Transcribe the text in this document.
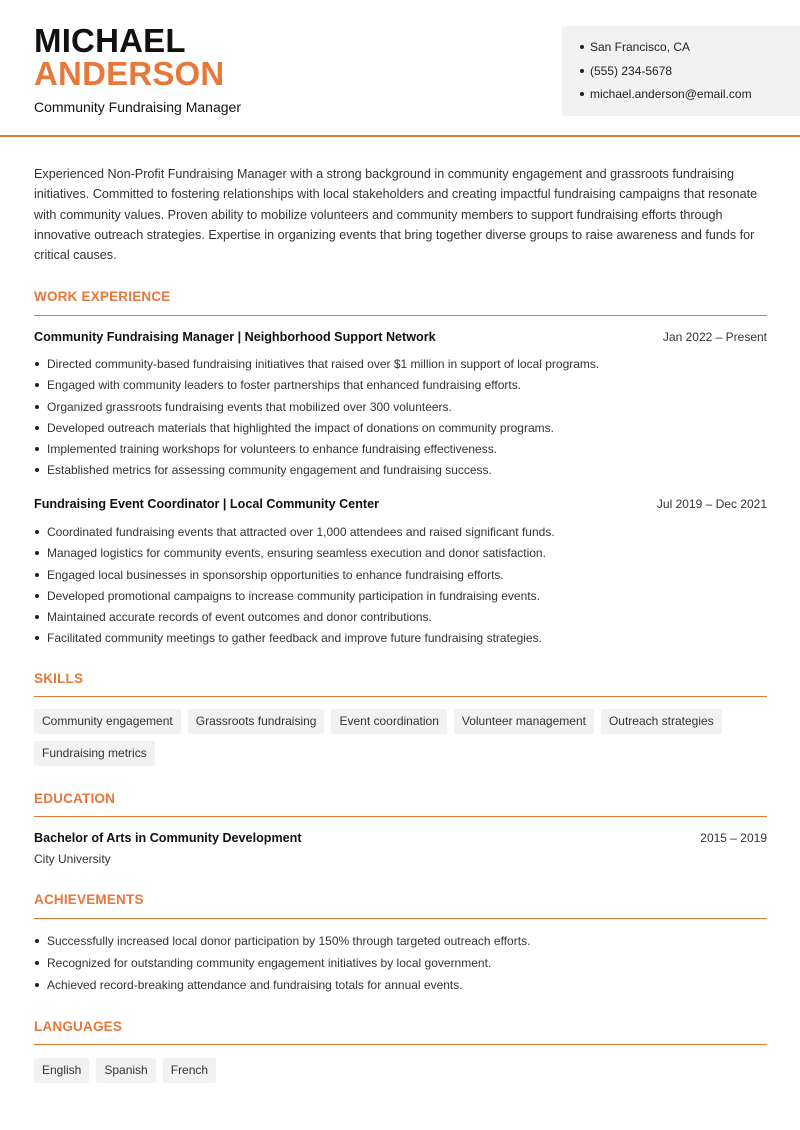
MICHAEL
ANDERSON
Community Fundraising Manager
San Francisco, CA
(555) 234-5678
michael.anderson@email.com

Experienced Non-Profit Fundraising Manager with a strong background in community engagement and grassroots fundraising initiatives. Committed to fostering relationships with local stakeholders and creating impactful fundraising campaigns that resonate with community values. Proven ability to mobilize volunteers and community members to support fundraising efforts through innovative outreach strategies. Expertise in organizing events that bring together diverse groups to raise awareness and funds for critical causes.

WORK EXPERIENCE
Community Fundraising Manager | Neighborhood Support Network	Jan 2022 – Present
Directed community-based fundraising initiatives that raised over $1 million in support of local programs.
Engaged with community leaders to foster partnerships that enhanced fundraising efforts.
Organized grassroots fundraising events that mobilized over 300 volunteers.
Developed outreach materials that highlighted the impact of donations on community programs.
Implemented training workshops for volunteers to enhance fundraising effectiveness.
Established metrics for assessing community engagement and fundraising success.
Fundraising Event Coordinator | Local Community Center	Jul 2019 – Dec 2021
Coordinated fundraising events that attracted over 1,000 attendees and raised significant funds.
Managed logistics for community events, ensuring seamless execution and donor satisfaction.
Engaged local businesses in sponsorship opportunities to enhance fundraising efforts.
Developed promotional campaigns to increase community participation in fundraising events.
Maintained accurate records of event outcomes and donor contributions.
Facilitated community meetings to gather feedback and improve future fundraising strategies.
SKILLS
Community engagement	Grassroots fundraising	Event coordination	Volunteer management	Outreach strategies
Fundraising metrics
EDUCATION
Bachelor of Arts in Community Development	2015 – 2019
City University
ACHIEVEMENTS
Successfully increased local donor participation by 150% through targeted outreach efforts.
Recognized for outstanding community engagement initiatives by local government.
Achieved record-breaking attendance and fundraising totals for annual events.
LANGUAGES
English	Spanish	French
